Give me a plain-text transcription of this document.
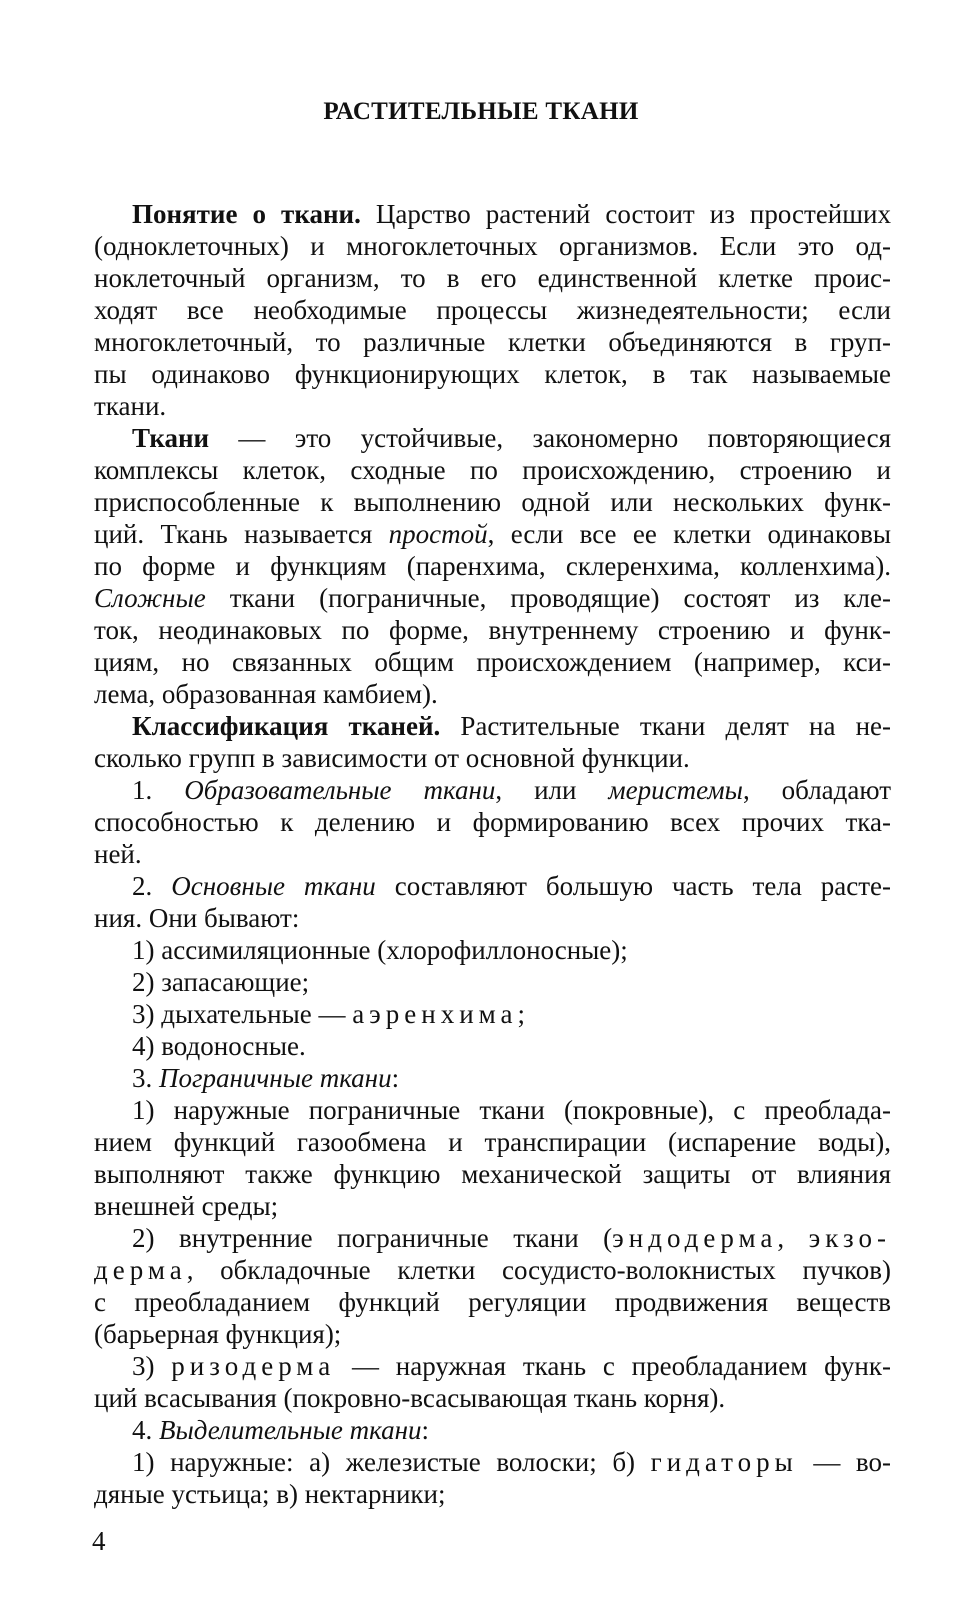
РАСТИТЕЛЬНЫЕ ТКАНИ
Понятие о ткани. Царство растений состоит из простейших
(одноклеточных) и многоклеточных организмов. Если это од-
ноклеточный организм, то в его единственной клетке проис-
ходят все необходимые процессы жизнедеятельности; если
многоклеточный, то различные клетки объединяются в груп-
пы одинаково функционирующих клеток, в так называемые
ткани.
Ткани — это устойчивые, закономерно повторяющиеся
комплексы клеток, сходные по происхождению, строению и
приспособленные к выполнению одной или нескольких функ-
ций. Ткань называется простой, если все ее клетки одинаковы
по форме и функциям (паренхима, склеренхима, колленхима).
Сложные ткани (пограничные, проводящие) состоят из кле-
ток, неодинаковых по форме, внутреннему строению и функ-
циям, но связанных общим происхождением (например, кси-
лема, образованная камбием).
Классификация тканей. Растительные ткани делят на не-
сколько групп в зависимости от основной функции.
1. Образовательные ткани, или меристемы, обладают
способностью к делению и формированию всех прочих тка-
ней.
2. Основные ткани составляют большую часть тела расте-
ния. Они бывают:
1) ассимиляционные (хлорофиллоносные);
2) запасающие;
3) дыхательные — аэренхима;
4) водоносные.
3. Пограничные ткани:
1) наружные пограничные ткани (покровные), с преоблада-
нием функций газообмена и транспирации (испарение воды),
выполняют также функцию механической защиты от влияния
внешней среды;
2) внутренние пограничные ткани (эндодерма, экзо-
дерма, обкладочные клетки сосудисто-волокнистых пучков)
с преобладанием функций регуляции продвижения веществ
(барьерная функция);
3) ризодерма — наружная ткань с преобладанием функ-
ций всасывания (покровно-всасывающая ткань корня).
4. Выделительные ткани:
1) наружные: а) железистые волоски; б) гидаторы — во-
дяные устьица; в) нектарники;
4
